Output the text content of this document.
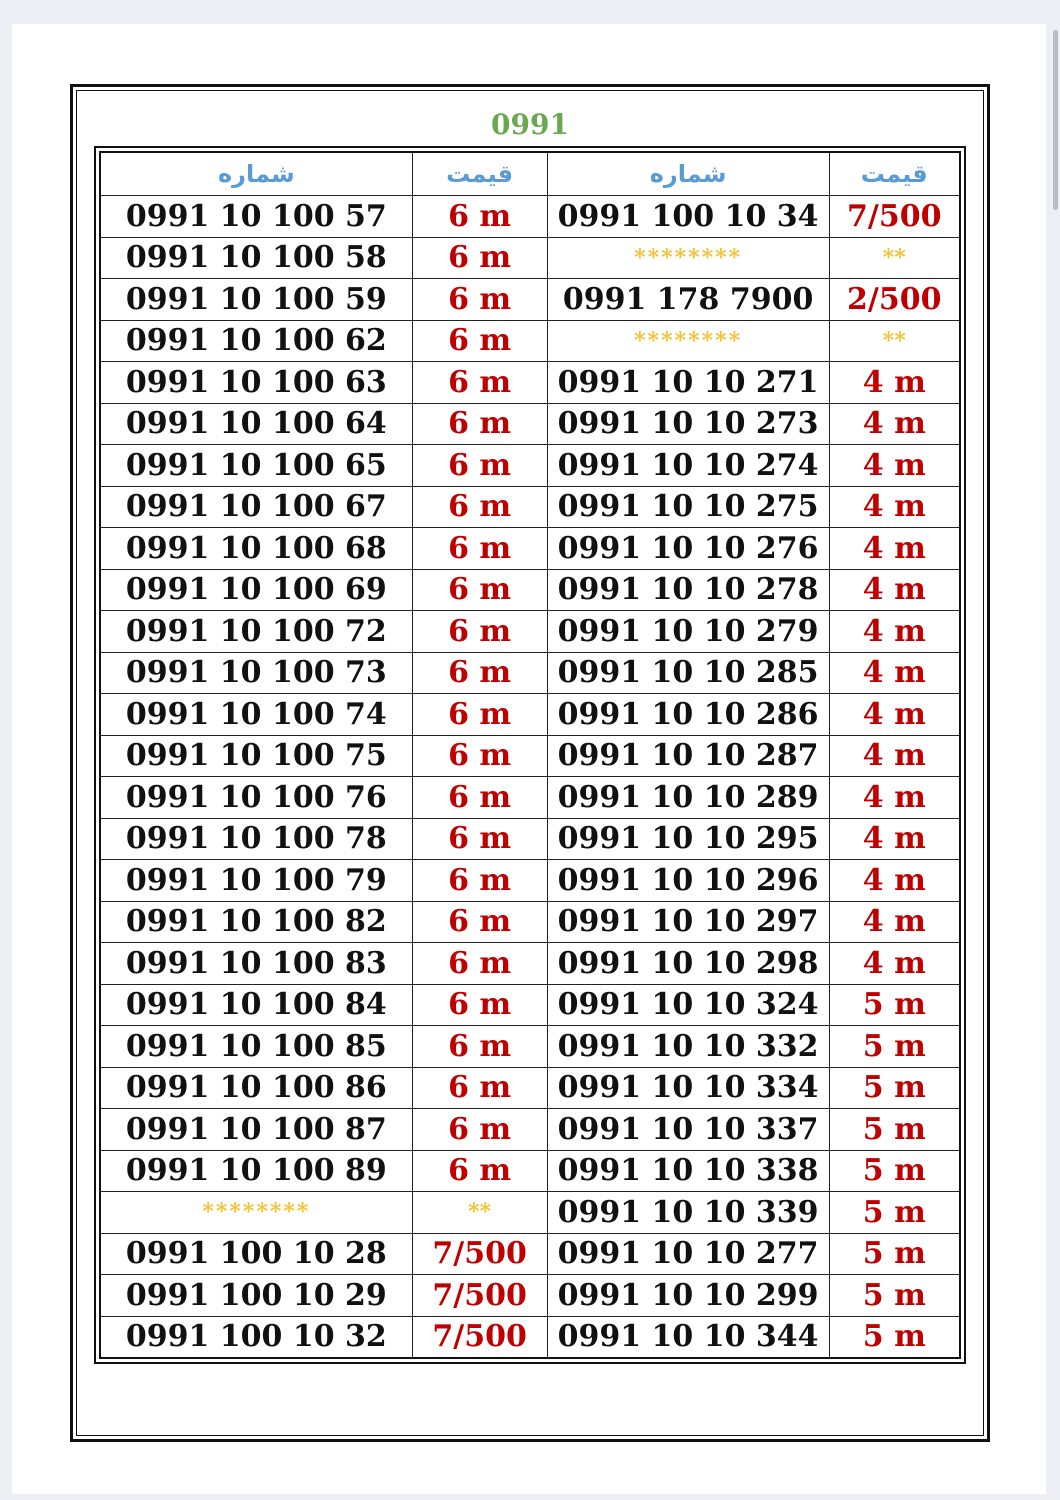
0991
شماره	قیمت	شماره	قیمت
0991 10 100 57	6 m	0991 100 10 34	7/500
0991 10 100 58	6 m	********	**
0991 10 100 59	6 m	0991 178 7900	2/500
0991 10 100 62	6 m	********	**
0991 10 100 63	6 m	0991 10 10 271	4 m
0991 10 100 64	6 m	0991 10 10 273	4 m
0991 10 100 65	6 m	0991 10 10 274	4 m
0991 10 100 67	6 m	0991 10 10 275	4 m
0991 10 100 68	6 m	0991 10 10 276	4 m
0991 10 100 69	6 m	0991 10 10 278	4 m
0991 10 100 72	6 m	0991 10 10 279	4 m
0991 10 100 73	6 m	0991 10 10 285	4 m
0991 10 100 74	6 m	0991 10 10 286	4 m
0991 10 100 75	6 m	0991 10 10 287	4 m
0991 10 100 76	6 m	0991 10 10 289	4 m
0991 10 100 78	6 m	0991 10 10 295	4 m
0991 10 100 79	6 m	0991 10 10 296	4 m
0991 10 100 82	6 m	0991 10 10 297	4 m
0991 10 100 83	6 m	0991 10 10 298	4 m
0991 10 100 84	6 m	0991 10 10 324	5 m
0991 10 100 85	6 m	0991 10 10 332	5 m
0991 10 100 86	6 m	0991 10 10 334	5 m
0991 10 100 87	6 m	0991 10 10 337	5 m
0991 10 100 89	6 m	0991 10 10 338	5 m
********	**	0991 10 10 339	5 m
0991 100 10 28	7/500	0991 10 10 277	5 m
0991 100 10 29	7/500	0991 10 10 299	5 m
0991 100 10 32	7/500	0991 10 10 344	5 m
